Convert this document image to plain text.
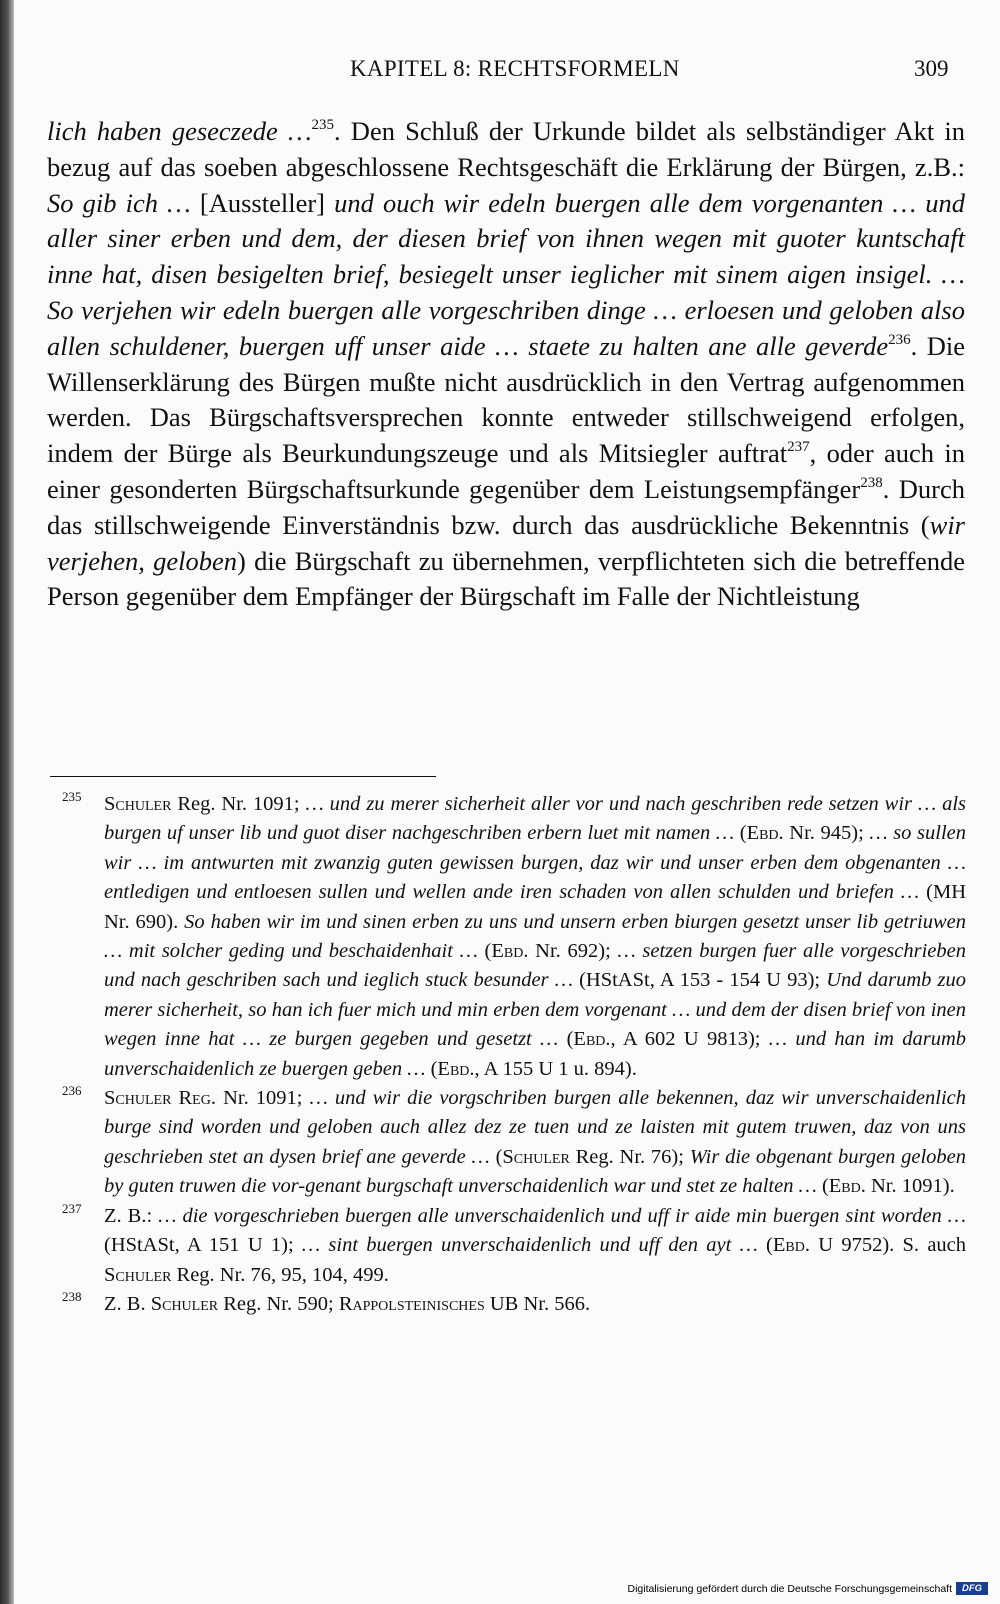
KAPITEL 8: RECHTSFORMELN	309

lich haben geseczede …$^{235}$. Den Schluß der Urkunde bildet als selbständiger Akt in bezug auf das soeben abgeschlossene Rechtsgeschäft die Erklärung der Bürgen, z.B.: So gib ich … [Aussteller] und ouch wir edeln buergen alle dem vorgenanten … und aller siner erben und dem, der diesen brief von ihnen wegen mit guoter kuntschaft inne hat, disen besigelten brief, besiegelt unser ieglicher mit sinem aigen insigel. … So verjehen wir edeln buergen alle vorgeschriben dinge … erloesen und geloben also allen schuldener, buergen uff unser aide … staete zu halten ane alle geverde$^{236}$. Die Willenserklärung des Bürgen mußte nicht ausdrücklich in den Vertrag aufgenommen werden. Das Bürgschaftsversprechen konnte entweder stillschweigend erfolgen, indem der Bürge als Beurkundungszeuge und als Mitsiegler auftrat$^{237}$, oder auch in einer gesonderten Bürgschaftsurkunde gegenüber dem Leistungsempfänger$^{238}$. Durch das stillschweigende Einverständnis bzw. durch das ausdrückliche Bekenntnis (wir verjehen, geloben) die Bürgschaft zu übernehmen, verpflichteten sich die betreffende Person gegenüber dem Empfänger der Bürgschaft im Falle der Nichtleistung

235 Schuler Reg. Nr. 1091; … und zu merer sicherheit aller vor und nach geschriben rede setzen wir … als burgen uf unser lib und guot diser nachgeschriben erbern luet mit namen … (Ebd. Nr. 945); … so sullen wir … im antwurten mit zwanzig guten gewissen burgen, daz wir und unser erben dem obgenanten … entledigen und entloesen sullen und wellen ande iren schaden von allen schulden und briefen … (MH Nr. 690). So haben wir im und sinen erben zu uns und unsern erben biurgen gesetzt unser lib getriuwen … mit solcher geding und beschaidenhait … (Ebd. Nr. 692); … setzen burgen fuer alle vorgeschrieben und nach geschriben sach und ieglich stuck besunder … (HStASt, A 153 - 154 U 93); Und darumb zuo merer sicherheit, so han ich fuer mich und min erben dem vorgenant … und dem der disen brief von inen wegen inne hat … ze burgen gegeben und gesetzt … (Ebd., A 602 U 9813); … und han im darumb unverschaidenlich ze buergen geben … (Ebd., A 155 U 1 u. 894).

236 Schuler Reg. Nr. 1091; … und wir die vorgschriben burgen alle bekennen, daz wir unverschaidenlich burge sind worden und geloben auch allez dez ze tuen und ze laisten mit gutem truwen, daz von uns geschrieben stet an dysen brief ane geverde … (Schuler Reg. Nr. 76); Wir die obgenant burgen geloben by guten truwen die vor-genant burgschaft unverschaidenlich war und stet ze halten … (Ebd. Nr. 1091).

237 Z. B.: … die vorgeschrieben buergen alle unverschaidenlich und uff ir aide min buergen sint worden … (HStASt, A 151 U 1); … sint buergen unverschaidenlich und uff den ayt … (Ebd. U 9752). S. auch Schuler Reg. Nr. 76, 95, 104, 499.

238 Z. B. Schuler Reg. Nr. 590; Rappolsteinisches UB Nr. 566.

Digitalisierung gefördert durch die Deutsche Forschungsgemeinschaft	DFG
